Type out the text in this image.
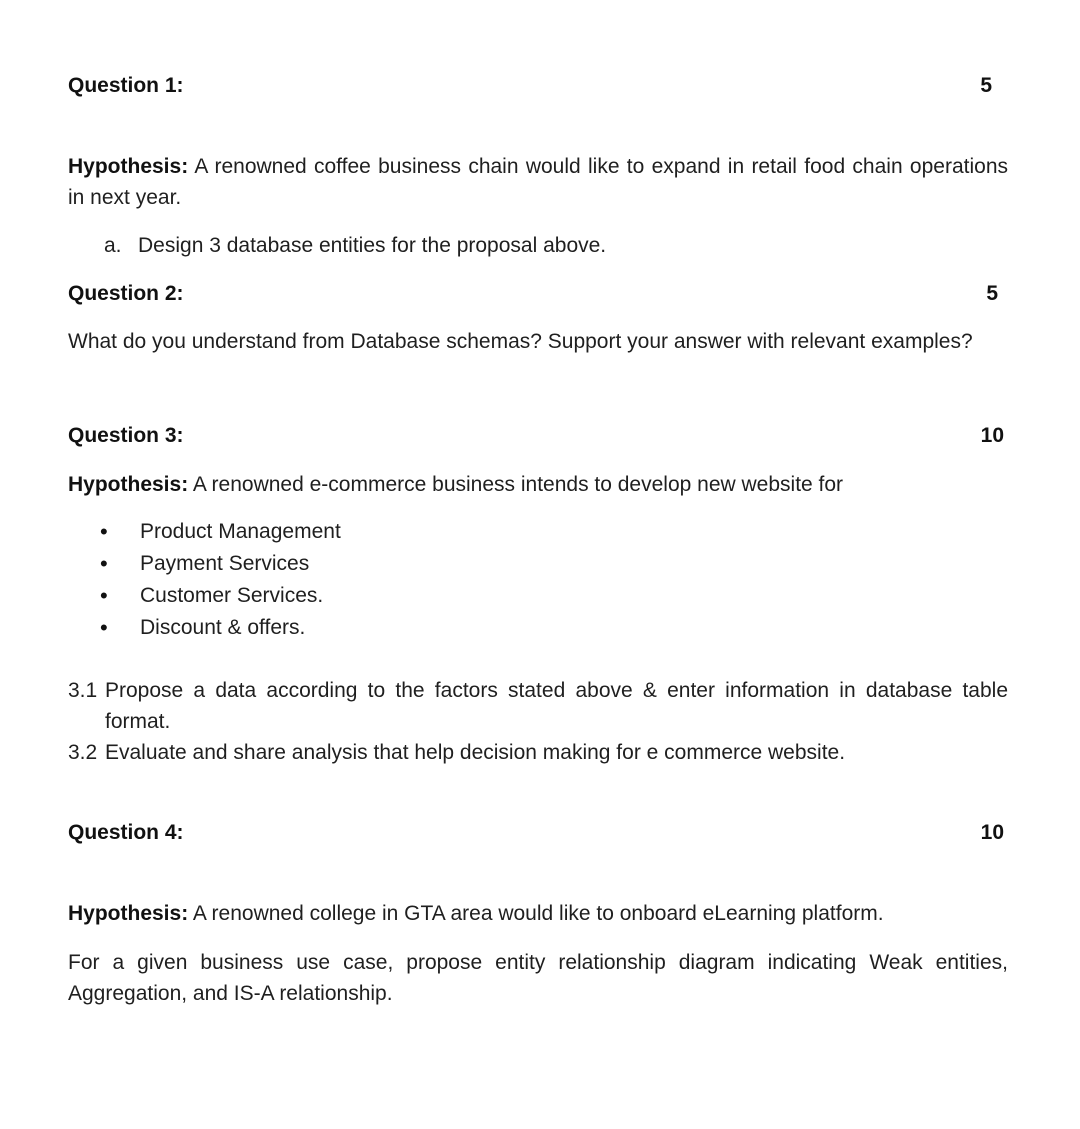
Question 1:	5
Hypothesis: A renowned coffee business chain would like to expand in retail food chain operations in next year.
a. Design 3 database entities for the proposal above.
Question 2:	5
What do you understand from Database schemas? Support your answer with relevant examples?
Question 3:	10
Hypothesis: A renowned e-commerce business intends to develop new website for
• Product Management
• Payment Services
• Customer Services.
• Discount & offers.
3.1 Propose a data according to the factors stated above & enter information in database table format.
3.2 Evaluate and share analysis that help decision making for e commerce website.
Question 4:	10
Hypothesis: A renowned college in GTA area would like to onboard eLearning platform.
For a given business use case, propose entity relationship diagram indicating Weak entities, Aggregation, and IS-A relationship.
